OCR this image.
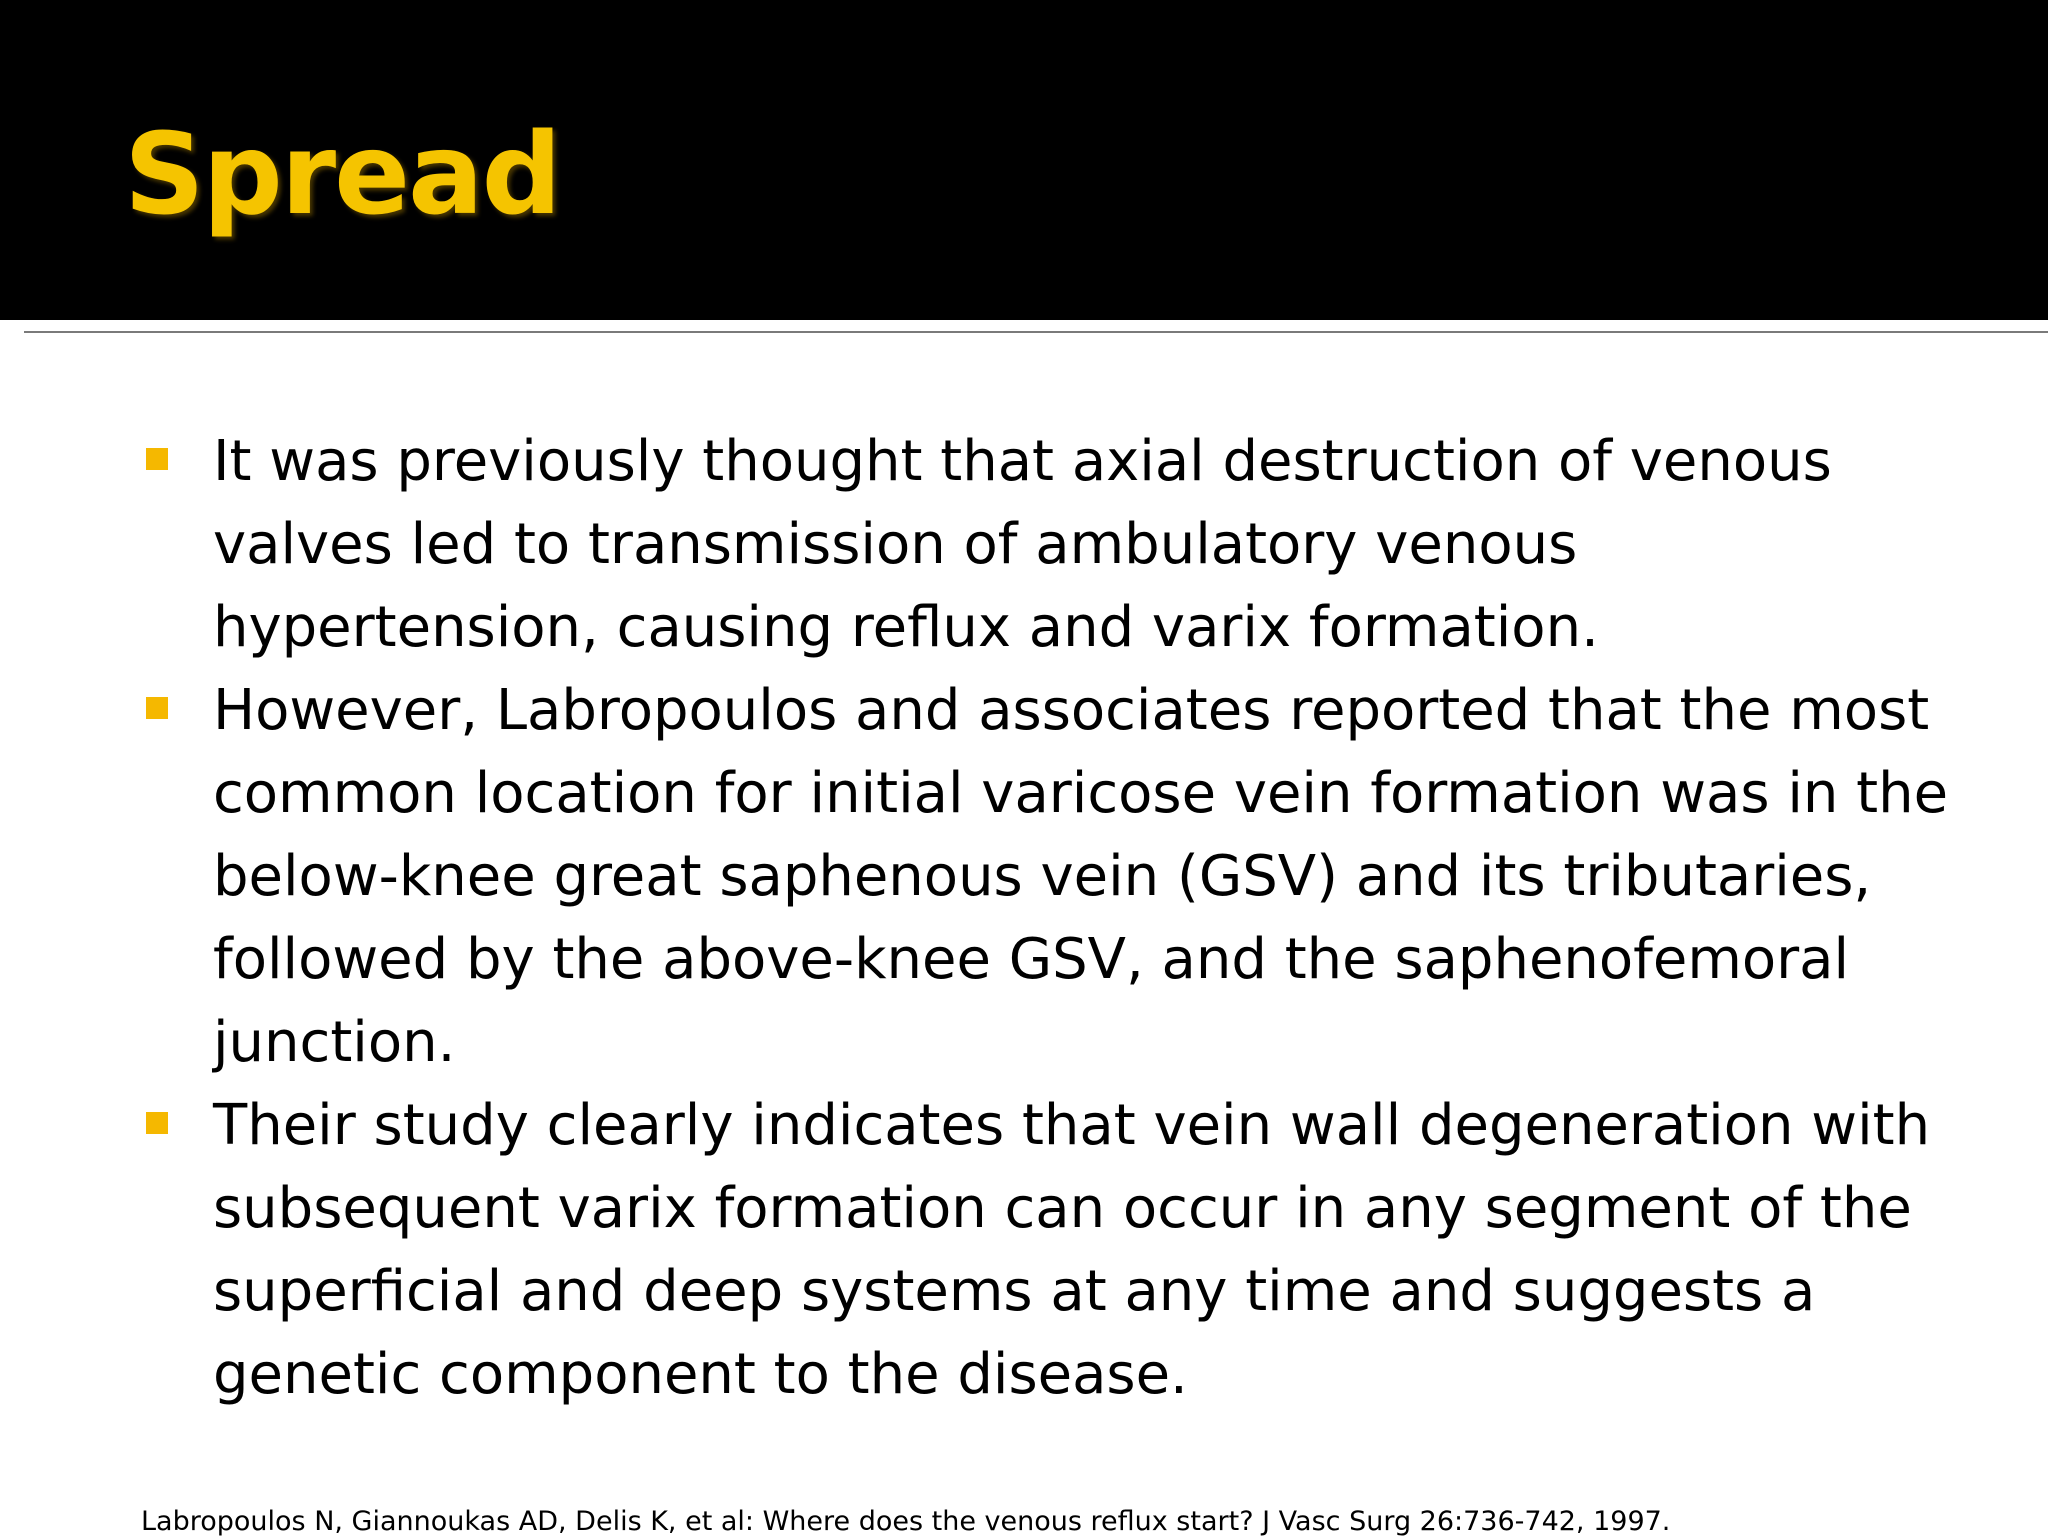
Spread
It was previously thought that axial destruction of venous valves led to transmission of ambulatory venous hypertension, causing reflux and varix formation.
However, Labropoulos and associates reported that the most common location for initial varicose vein formation was in the below-knee great saphenous vein (GSV) and its tributaries, followed by the above-knee GSV, and the saphenofemoral junction.
Their study clearly indicates that vein wall degeneration with subsequent varix formation can occur in any segment of the superficial and deep systems at any time and suggests a genetic component to the disease.

Labropoulos N, Giannoukas AD, Delis K, et al: Where does the venous reflux start? J Vasc Surg 26:736-742, 1997.
